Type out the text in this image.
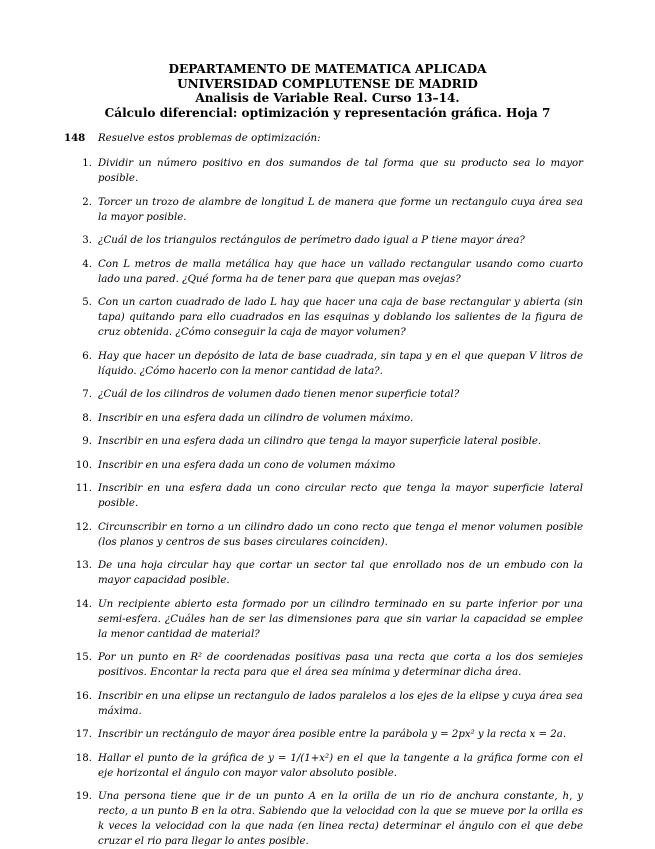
DEPARTAMENTO DE MATEMATICA APLICADA
UNIVERSIDAD COMPLUTENSE DE MADRID
Analisis de Variable Real. Curso 13–14.
Cálculo diferencial: optimización y representación gráfica. Hoja 7
148	Resuelve estos problemas de optimización:
1. Dividir un número positivo en dos sumandos de tal forma que su producto sea lo mayor posible.
2. Torcer un trozo de alambre de longitud L de manera que forme un rectangulo cuya área sea la mayor posible.
3. ¿Cuál de los triangulos rectángulos de perímetro dado igual a P tiene mayor área?
4. Con L metros de malla metálica hay que hace un vallado rectangular usando como cuarto lado una pared. ¿Qué forma ha de tener para que quepan mas ovejas?
5. Con un carton cuadrado de lado L hay que hacer una caja de base rectangular y abierta (sin tapa) quitando para ello cuadrados en las esquinas y doblando los salientes de la figura de cruz obtenida. ¿Cómo conseguir la caja de mayor volumen?
6. Hay que hacer un depósito de lata de base cuadrada, sin tapa y en el que quepan V litros de líquido. ¿Cómo hacerlo con la menor cantidad de lata?.
7. ¿Cuál de los cilindros de volumen dado tienen menor superficie total?
8. Inscribir en una esfera dada un cilindro de volumen máximo.
9. Inscribir en una esfera dada un cilindro que tenga la mayor superficie lateral posible.
10. Inscribir en una esfera dada un cono de volumen máximo
11. Inscribir en una esfera dada un cono circular recto que tenga la mayor superficie lateral posible.
12. Circunscribir en torno a un cilindro dado un cono recto que tenga el menor volumen posible (los planos y centros de sus bases circulares coinciden).
13. De una hoja circular hay que cortar un sector tal que enrollado nos de un embudo con la mayor capacidad posible.
14. Un recipiente abierto esta formado por un cilindro terminado en su parte inferior por una semi-esfera. ¿Cuáles han de ser las dimensiones para que sin variar la capacidad se emplee la menor cantidad de material?
15. Por un punto en R² de coordenadas positivas pasa una recta que corta a los dos semiejes positivos. Encontar la recta para que el área sea mínima y determinar dicha área.
16. Inscribir en una elipse un rectangulo de lados paralelos a los ejes de la elipse y cuya área sea máxima.
17. Inscribir un rectángulo de mayor área posible entre la parábola y = 2px² y la recta x = 2a.
18. Hallar el punto de la gráfica de y = 1/(1+x²) en el que la tangente a la gráfica forme con el eje horizontal el ángulo con mayor valor absoluto posible.
19. Una persona tiene que ir de un punto A en la orilla de un rio de anchura constante, h, y recto, a un punto B en la otra. Sabiendo que la velocidad con la que se mueve por la orilla es k veces la velocidad con la que nada (en linea recta) determinar el ángulo con el que debe cruzar el rio para llegar lo antes posible.
